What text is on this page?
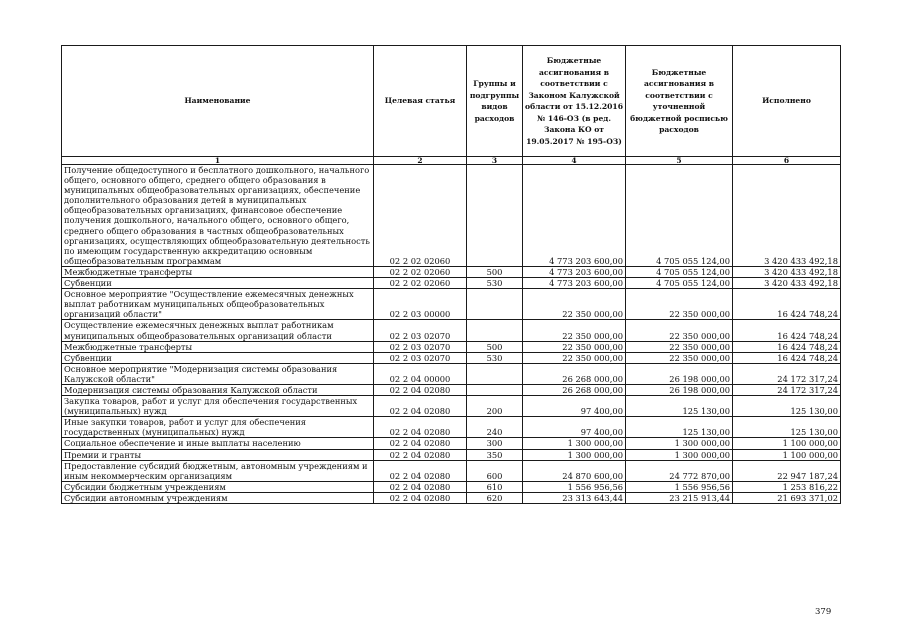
Наименование	Целевая статья	Группы и подгруппы видов расходов	Бюджетные ассигнования в соответствии с Законом Калужской области от 15.12.2016 № 146-ОЗ (в ред. Закона КО от 19.05.2017 № 195-ОЗ)	Бюджетные ассигнования в соответствии с уточненной бюджетной росписью расходов	Исполнено
1	2	3	4	5	6
Получение общедоступного и бесплатного дошкольного, начального общего, основного общего, среднего общего образования в муниципальных общеобразовательных организациях, обеспечение дополнительного образования детей в муниципальных общеобразовательных организациях, финансовое обеспечение получения дошкольного, начального общего, основного общего, среднего общего образования в частных общеобразовательных организациях, осуществляющих общеобразовательную деятельность по имеющим государственную аккредитацию основным общеобразовательным программам	02 2 02 02060		4 773 203 600,00	4 705 055 124,00	3 420 433 492,18
Межбюджетные трансферты	02 2 02 02060	500	4 773 203 600,00	4 705 055 124,00	3 420 433 492,18
Субвенции	02 2 02 02060	530	4 773 203 600,00	4 705 055 124,00	3 420 433 492,18
Основное мероприятие "Осуществление ежемесячных денежных выплат работникам муниципальных общеобразовательных организаций области"	02 2 03 00000		22 350 000,00	22 350 000,00	16 424 748,24
Осуществление ежемесячных денежных выплат работникам муниципальных общеобразовательных организаций области	02 2 03 02070		22 350 000,00	22 350 000,00	16 424 748,24
Межбюджетные трансферты	02 2 03 02070	500	22 350 000,00	22 350 000,00	16 424 748,24
Субвенции	02 2 03 02070	530	22 350 000,00	22 350 000,00	16 424 748,24
Основное мероприятие "Модернизация системы образования Калужской области"	02 2 04 00000		26 268 000,00	26 198 000,00	24 172 317,24
Модернизация системы образования Калужской области	02 2 04 02080		26 268 000,00	26 198 000,00	24 172 317,24
Закупка товаров, работ и услуг для обеспечения государственных (муниципальных) нужд	02 2 04 02080	200	97 400,00	125 130,00	125 130,00
Иные закупки товаров, работ и услуг для обеспечения государственных (муниципальных) нужд	02 2 04 02080	240	97 400,00	125 130,00	125 130,00
Социальное обеспечение и иные выплаты населению	02 2 04 02080	300	1 300 000,00	1 300 000,00	1 100 000,00
Премии и гранты	02 2 04 02080	350	1 300 000,00	1 300 000,00	1 100 000,00
Предоставление субсидий бюджетным, автономным учреждениям и иным некоммерческим организациям	02 2 04 02080	600	24 870 600,00	24 772 870,00	22 947 187,24
Субсидии бюджетным учреждениям	02 2 04 02080	610	1 556 956,56	1 556 956,56	1 253 816,22
Субсидии автономным учреждениям	02 2 04 02080	620	23 313 643,44	23 215 913,44	21 693 371,02
379
